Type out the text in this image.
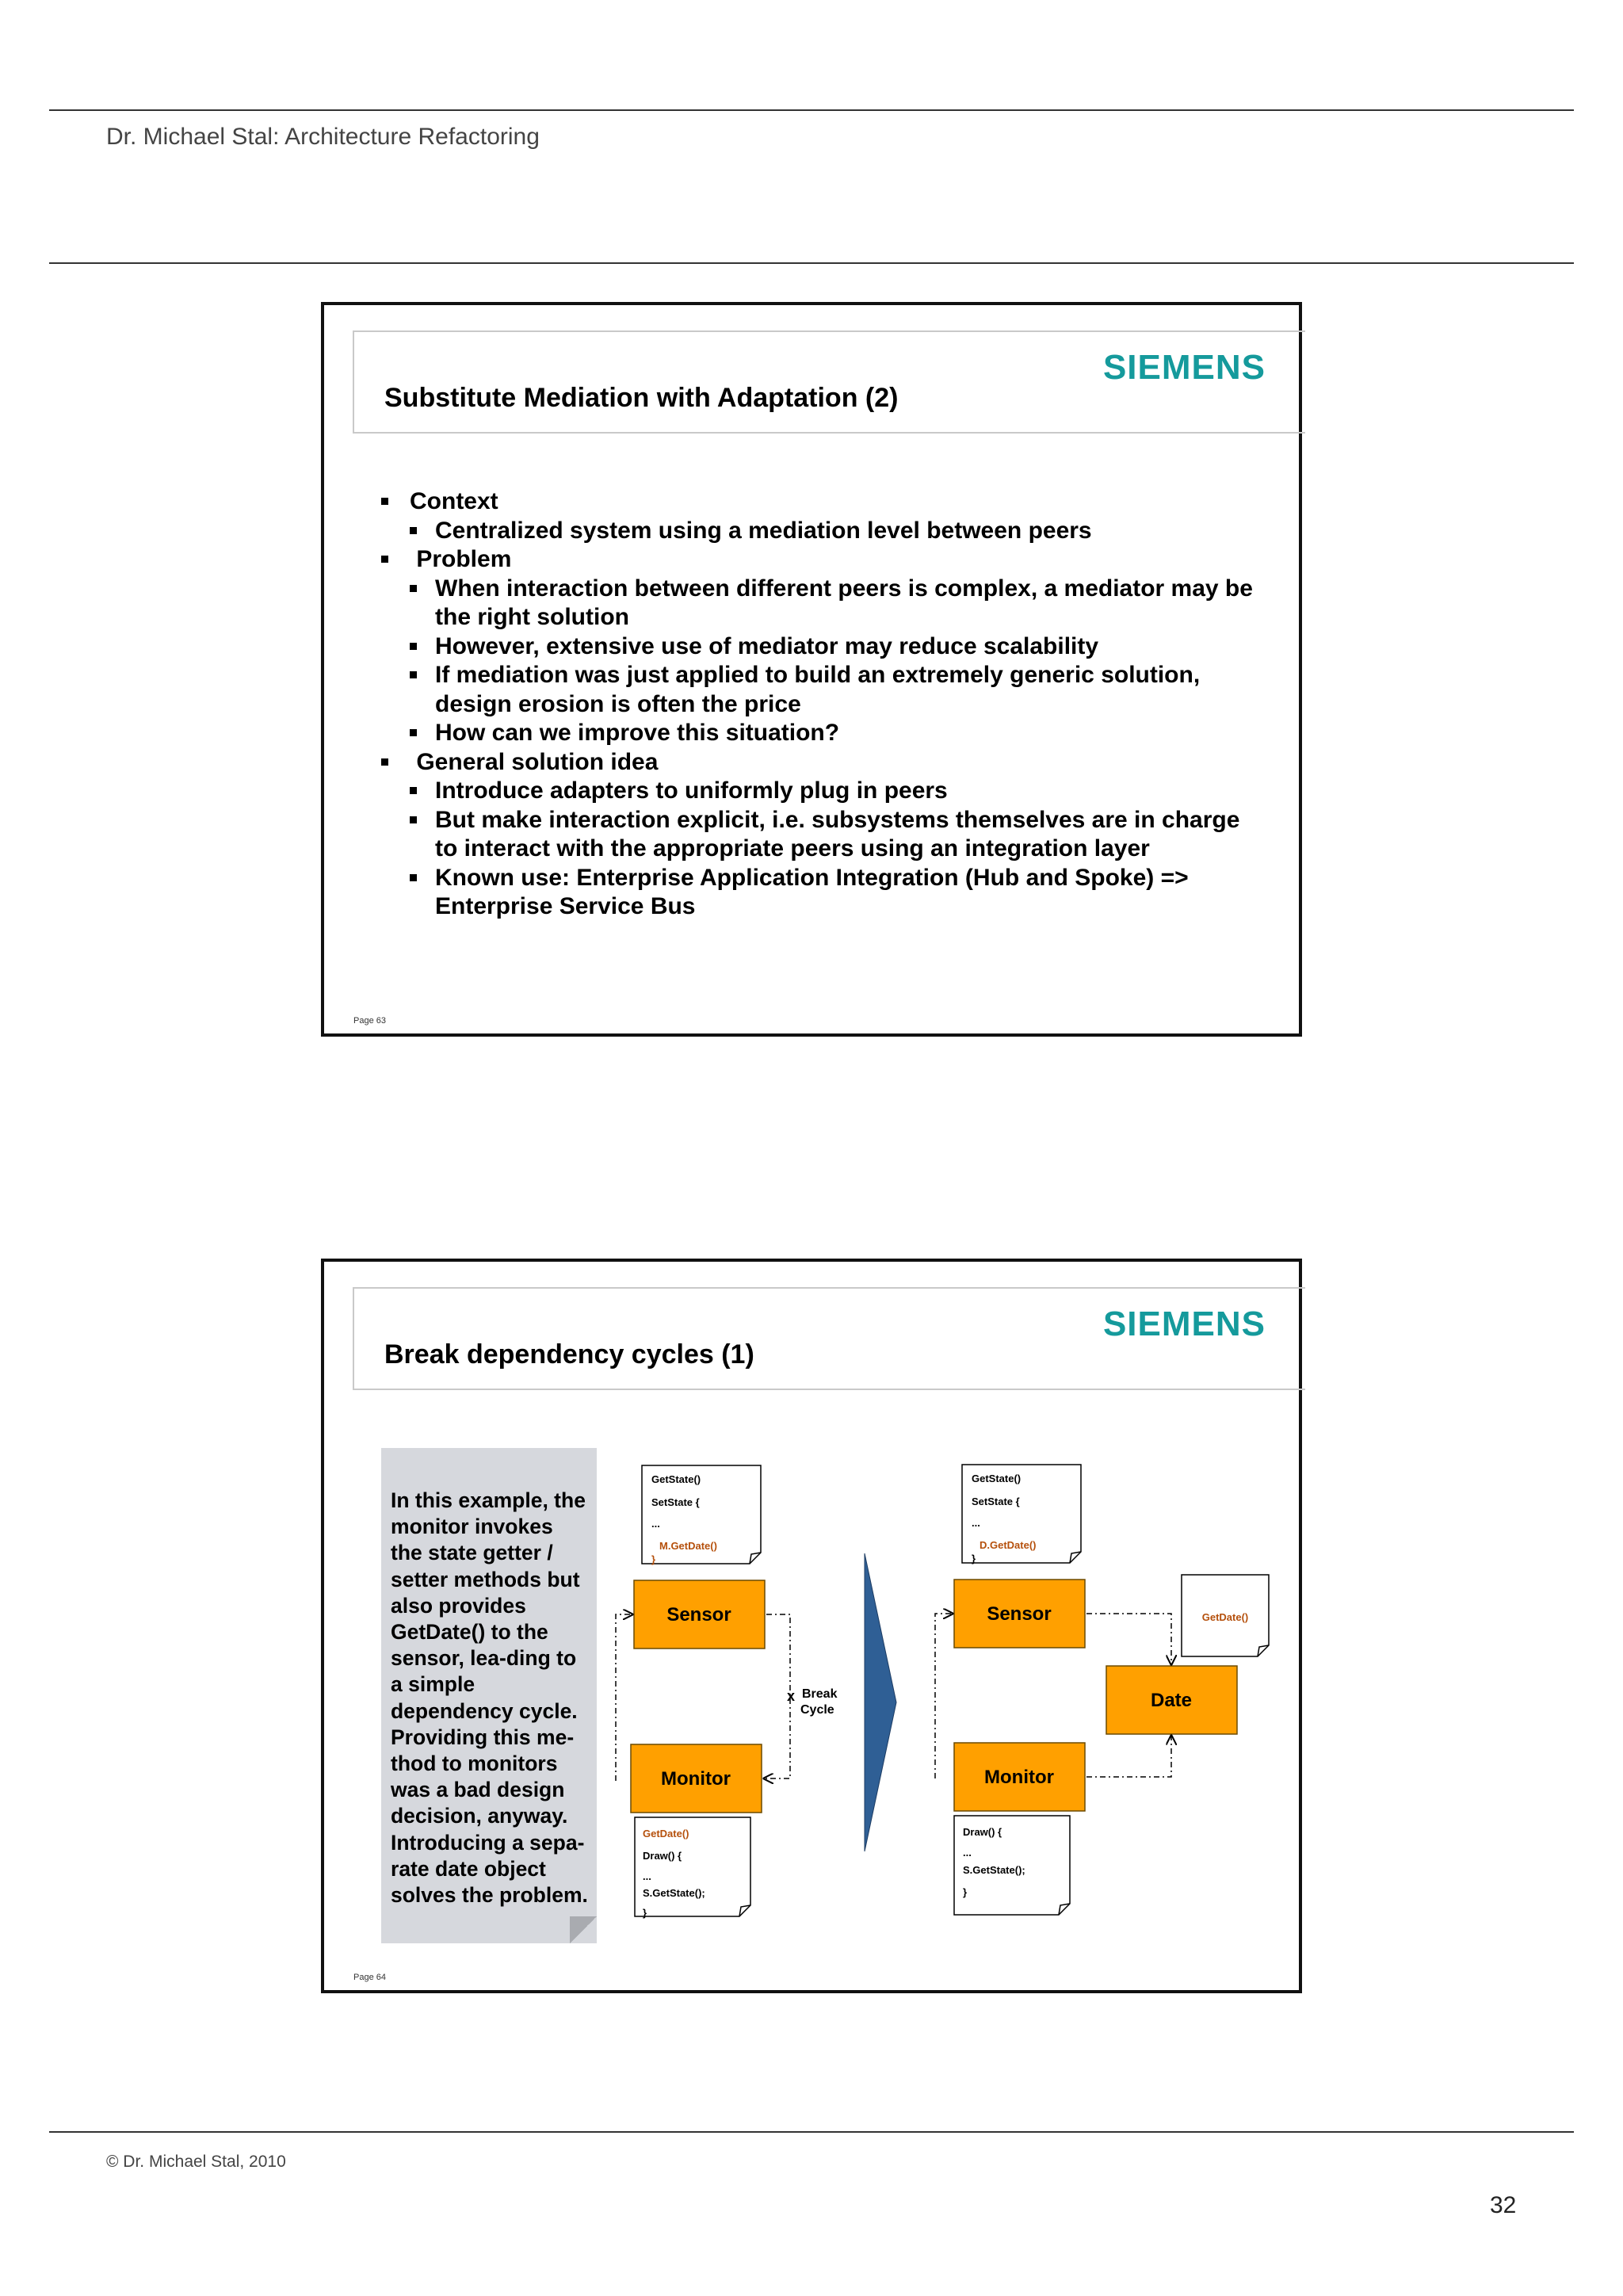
Dr. Michael Stal: Architecture Refactoring
Substitute Mediation with Adaptation (2)
SIEMENS
Context
Centralized system using a mediation level between peers
Problem
When interaction between different peers is complex, a mediator may be the right solution
However, extensive use of mediator may reduce scalability
If mediation was just applied to build an extremely generic solution, design erosion is often the price
How can we improve this situation?
General solution idea
Introduce adapters to uniformly plug in peers
But make interaction explicit, i.e. subsystems themselves are in charge to interact with the appropriate peers using an integration layer
Known use: Enterprise Application Integration (Hub and Spoke) => Enterprise Service Bus
Page 63
Break dependency cycles (1)
SIEMENS
In this example, the monitor invokes the state getter / setter methods but also provides GetDate() to the sensor, lea-ding to a simple dependency cycle. Providing this me-thod to monitors was a bad design decision, anyway. Introducing a sepa-rate date object solves the problem.
GetState()
SetState {
...
M.GetDate()
}
Sensor
Monitor
GetDate()
Draw() {
...
S.GetState();
}
x Break
Cycle
GetState()
SetState {
...
D.GetDate()
}
Sensor
Monitor
Draw() {
...
S.GetState();
}
GetDate()
Date
Page 64
© Dr. Michael Stal, 2010
32
